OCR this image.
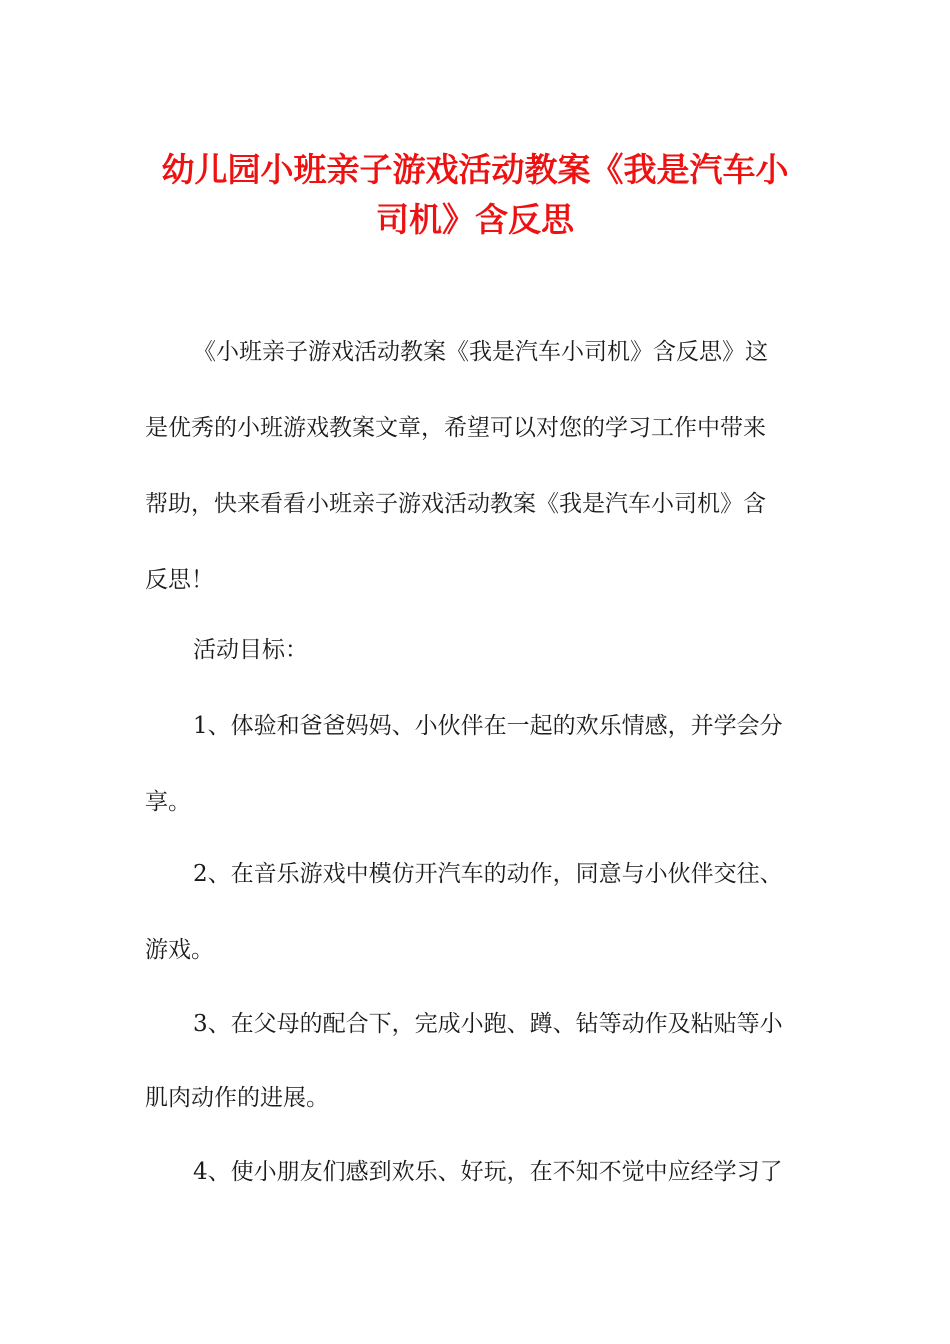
幼儿园小班亲子游戏活动教案《我是汽车小
司机》含反思

《小班亲子游戏活动教案《我是汽车小司机》含反思》这

是优秀的小班游戏教案文章，希望可以对您的学习工作中带来

帮助，快来看看小班亲子游戏活动教案《我是汽车小司机》含

反思！

活动目标：

1、体验和爸爸妈妈、小伙伴在一起的欢乐情感，并学会分

享。

2、在音乐游戏中模仿开汽车的动作，同意与小伙伴交往、

游戏。

3、在父母的配合下，完成小跑、蹲、钻等动作及粘贴等小

肌肉动作的进展。

4、使小朋友们感到欢乐、好玩，在不知不觉中应经学习了
